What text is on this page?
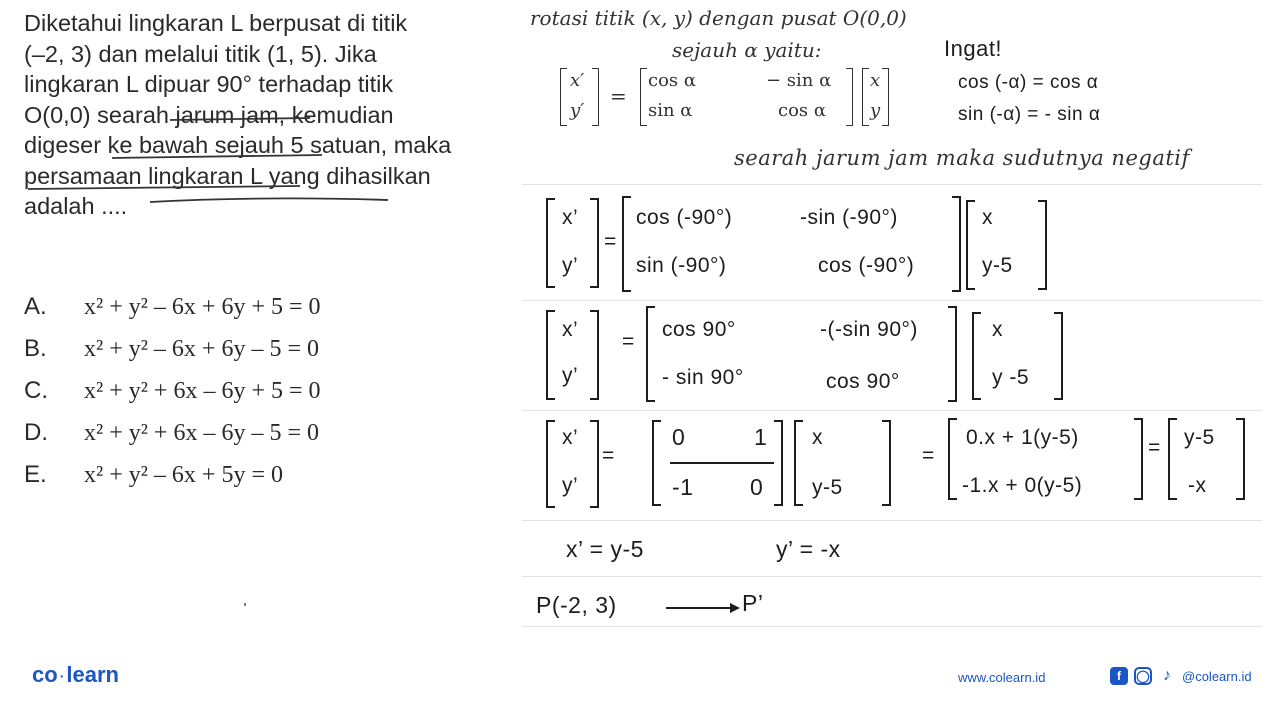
Diketahui lingkaran L berpusat di titik
(–2, 3) dan melalui titik (1, 5). Jika
lingkaran L dipuar 90° terhadap titik
O(0,0) searah jarum jam, kemudian
digeser ke bawah sejauh 5 satuan, maka
persamaan lingkaran L yang dihasilkan
adalah ....
A.	x² + y² – 6x + 6y + 5 = 0
B.	x² + y² – 6x + 6y – 5 = 0
C.	x² + y² + 6x – 6y + 5 = 0
D.	x² + y² + 6x – 6y – 5 = 0
E.	x² + y² – 6x + 5y = 0
rotasi titik (x, y) dengan pusat O(0,0)
sejauh α yaitu:
x′
y′
=
cos α	− sin α
sin α	cos α
x
y
Ingat!
cos (-α) = cos α
sin (-α) = - sin α
searah jarum jam maka sudutnya negatif
x’
y’
=
cos (-90°)	-sin (-90°)
sin (-90°)	cos (-90°)
x
y-5
x’
y’
=
cos 90°	-(-sin 90°)
- sin 90°	cos 90°
x
y -5
x’
y’
=
0	1
-1 0
x
y-5
=
0.x + 1(y-5)
-1.x + 0(y-5)
= y-5
-x
x’ = y-5	y’ = -x
P(-2, 3)	P’
co ·learn	www.colearn.id	f	◯ ♪ @colearn.id
